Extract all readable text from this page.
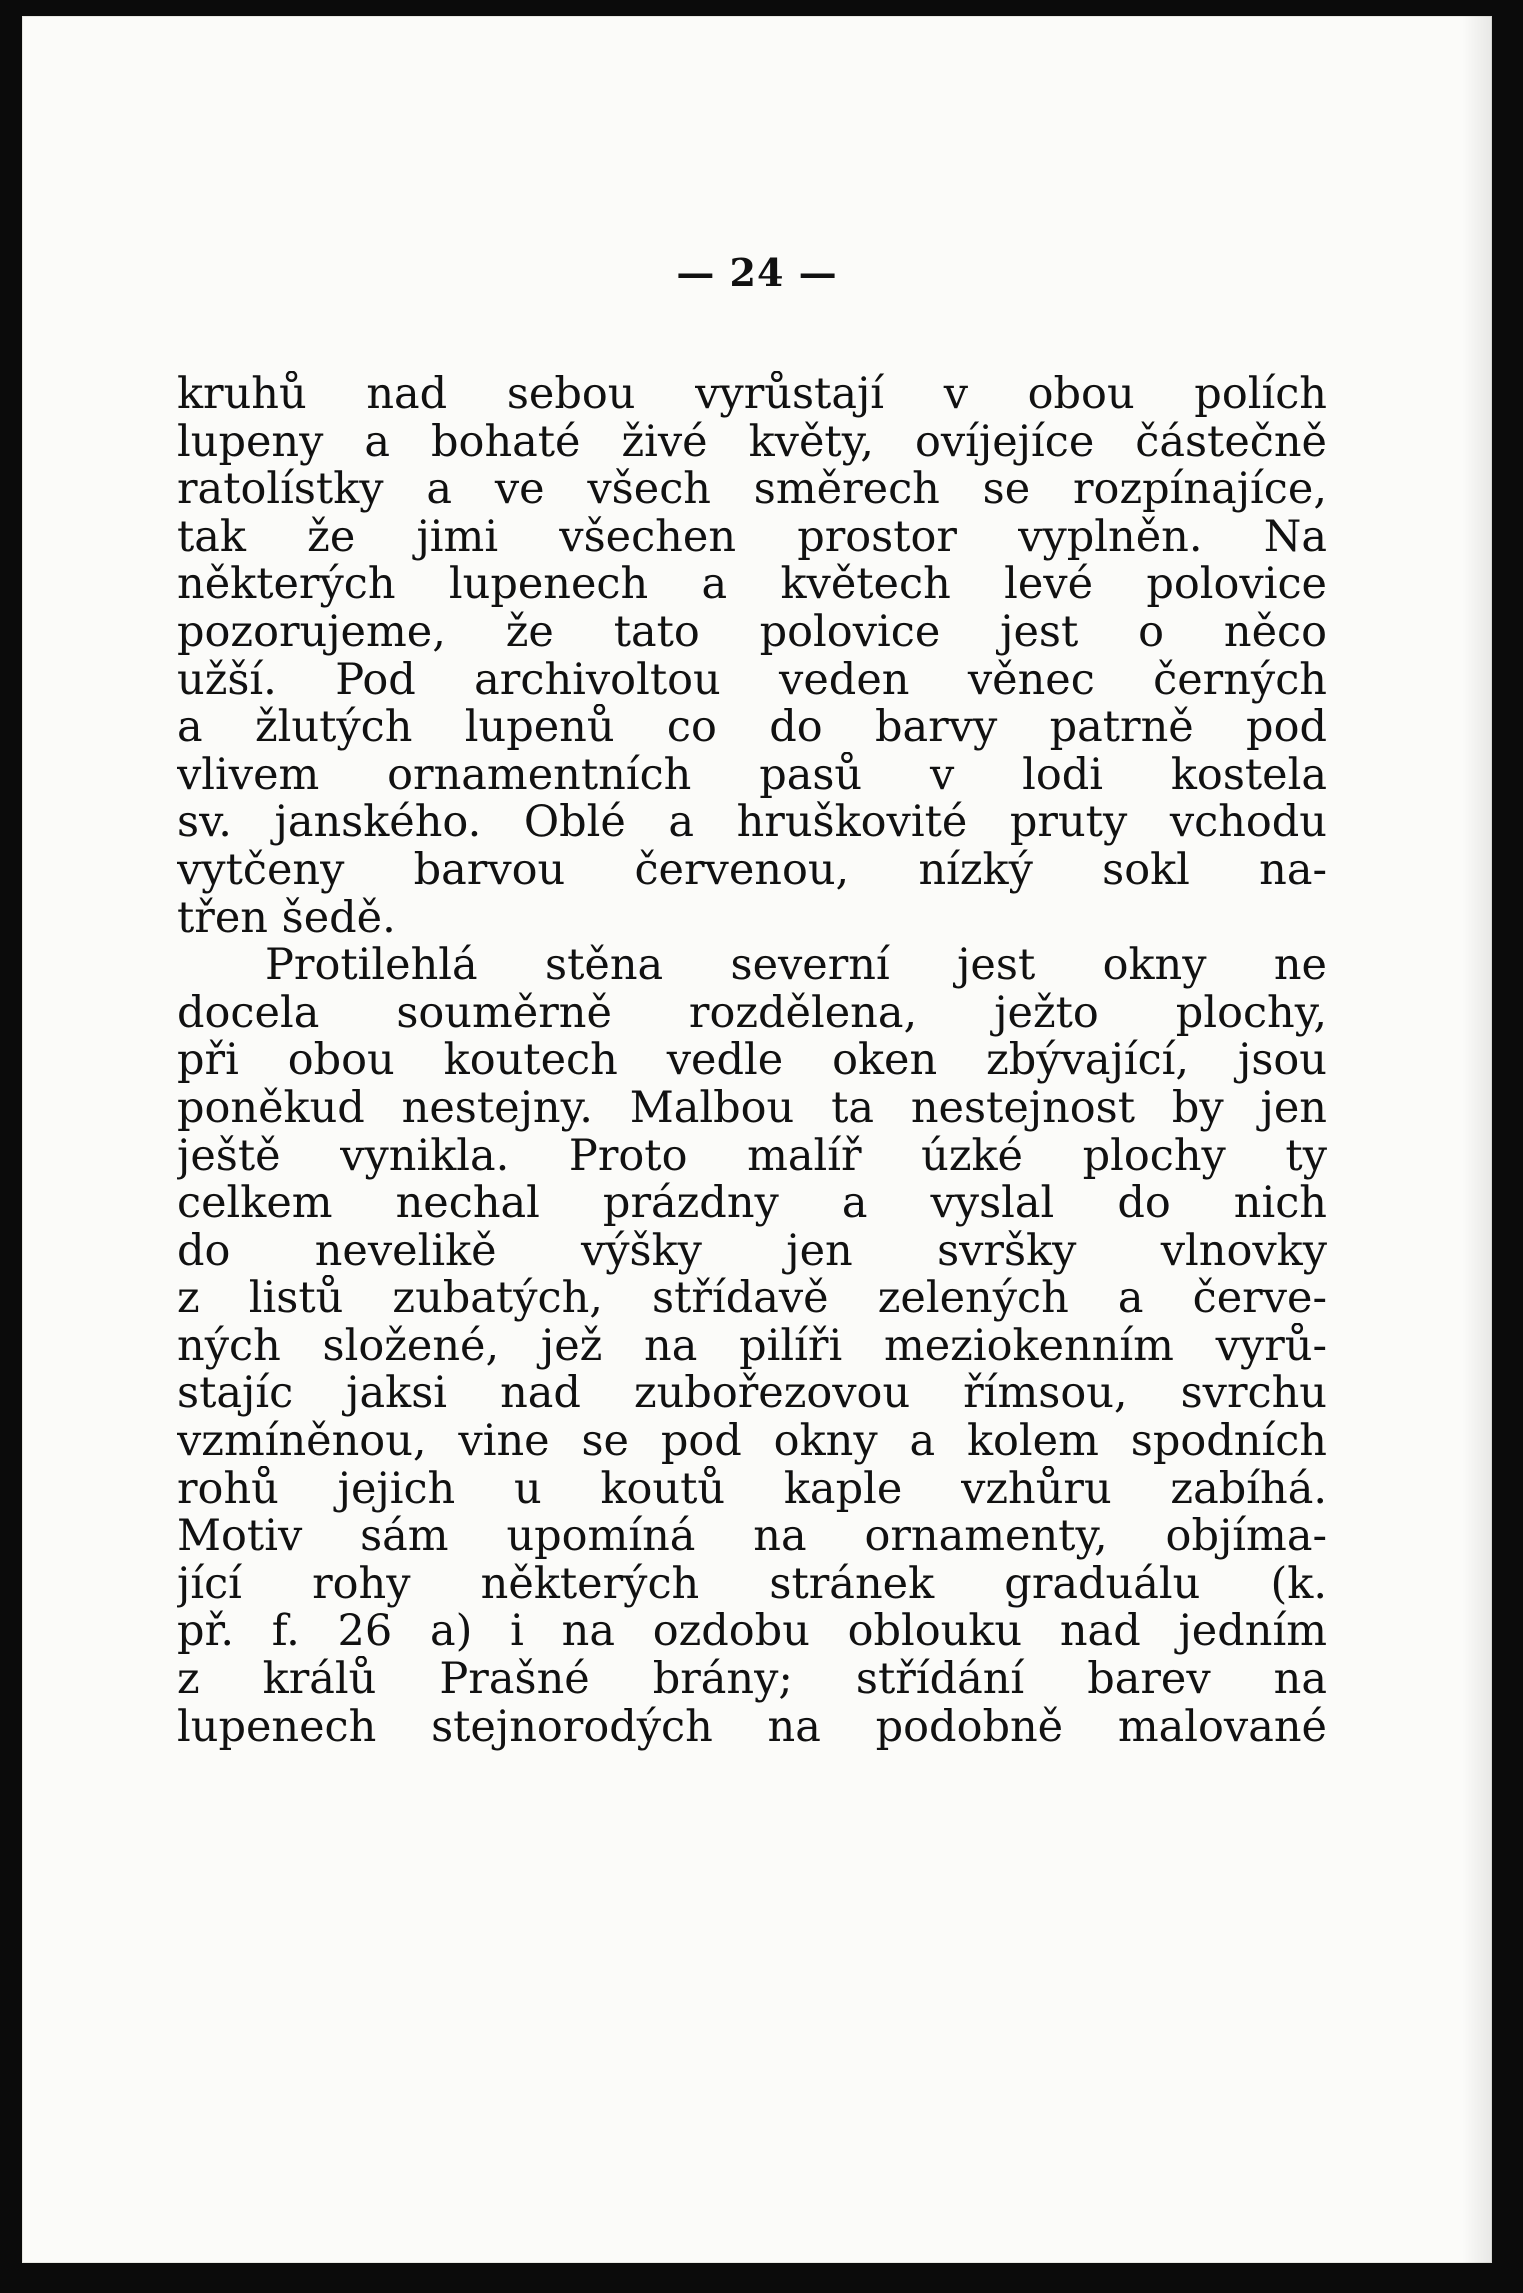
— 24 —
kruhů nad sebou vyrůstají v obou polích
lupeny a bohaté živé květy, ovíjejíce částečně
ratolístky a ve všech směrech se rozpínajíce,
tak že jimi všechen prostor vyplněn. Na
některých lupenech a květech levé polovice
pozorujeme, že tato polovice jest o něco
užší. Pod archivoltou veden věnec černých
a žlutých lupenů co do barvy patrně pod
vlivem ornamentních pasů v lodi kostela
sv. janského. Oblé a hruškovité pruty vchodu
vytčeny barvou červenou, nízký sokl na-
třen šedě.
Protilehlá stěna severní jest okny ne
docela souměrně rozdělena, ježto plochy,
při obou koutech vedle oken zbývající, jsou
poněkud nestejny. Malbou ta nestejnost by jen
ještě vynikla. Proto malíř úzké plochy ty
celkem nechal prázdny a vyslal do nich
do nevelikě výšky jen svršky vlnovky
z listů zubatých, střídavě zelených a červe-
ných složené, jež na pilíři meziokenním vyrů-
stajíc jaksi nad zubořezovou římsou, svrchu
vzmíněnou, vine se pod okny a kolem spodních
rohů jejich u koutů kaple vzhůru zabíhá.
Motiv sám upomíná na ornamenty, objíma-
jící rohy některých stránek graduálu (k.
př. f. 26 a) i na ozdobu oblouku nad jedním
z králů Prašné brány; střídání barev na
lupenech stejnorodých na podobně malované
